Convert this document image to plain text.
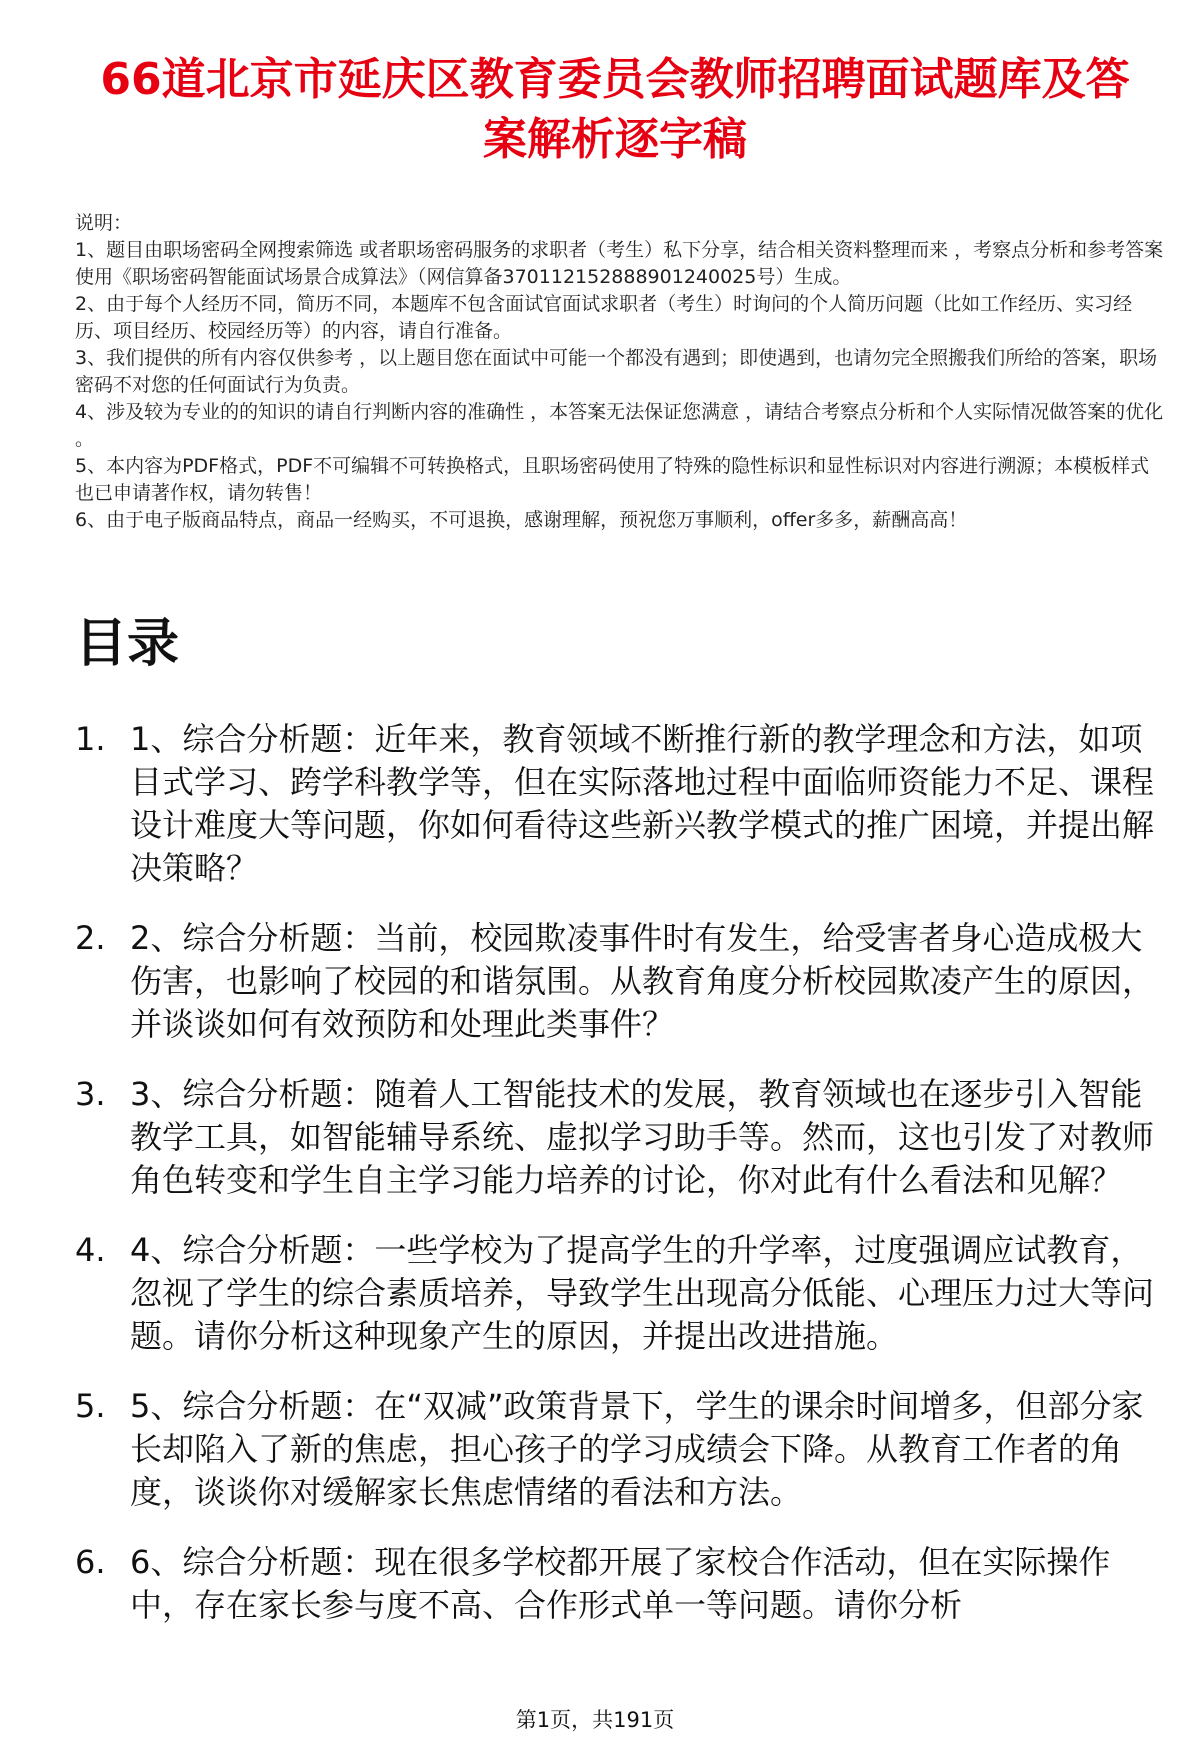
66道北京市延庆区教育委员会教师招聘面试题库及答案解析逐字稿

说明：

1、题目由职场密码全网搜索筛选 或者职场密码服务的求职者（考生）私下分享，结合相关资料整理而来 ，考察点分析和参考答案使用《职场密码智能面试场景合成算法》（网信算备370112152888901240025号）生成。

2、由于每个人经历不同，简历不同，本题库不包含面试官面试求职者（考生）时询问的个人简历问题（比如工作经历、实习经历、项目经历、校园经历等）的内容，请自行准备。

3、我们提供的所有内容仅供参考 ，以上题目您在面试中可能一个都没有遇到；即使遇到，也请勿完全照搬我们所给的答案，职场密码不对您的任何面试行为负责。

4、涉及较为专业的的知识的请自行判断内容的准确性 ，本答案无法保证您满意 ，请结合考察点分析和个人实际情况做答案的优化 。

5、本内容为PDF格式，PDF不可编辑不可转换格式，且职场密码使用了特殊的隐性标识和显性标识对内容进行溯源；本模板样式也已申请著作权，请勿转售！

6、由于电子版商品特点，商品一经购买，不可退换，感谢理解，预祝您万事顺利，offer多多，薪酬高高！

目录
1. 1、综合分析题：近年来，教育领域不断推行新的教学理念和方法，如项目式学习、跨学科教学等，但在实际落地过程中面临师资能力不足、课程设计难度大等问题，你如何看待这些新兴教学模式的推广困境，并提出解决策略？
2. 2、综合分析题：当前，校园欺凌事件时有发生，给受害者身心造成极大伤害，也影响了校园的和谐氛围。从教育角度分析校园欺凌产生的原因，并谈谈如何有效预防和处理此类事件？
3. 3、综合分析题：随着人工智能技术的发展，教育领域也在逐步引入智能教学工具，如智能辅导系统、虚拟学习助手等。然而，这也引发了对教师角色转变和学生自主学习能力培养的讨论，你对此有什么看法和见解？
4. 4、综合分析题：一些学校为了提高学生的升学率，过度强调应试教育，忽视了学生的综合素质培养，导致学生出现高分低能、心理压力过大等问题。请你分析这种现象产生的原因，并提出改进措施。
5. 5、综合分析题：在“双减”政策背景下，学生的课余时间增多，但部分家长却陷入了新的焦虑，担心孩子的学习成绩会下降。从教育工作者的角度，谈谈你对缓解家长焦虑情绪的看法和方法。
6. 6、综合分析题：现在很多学校都开展了家校合作活动，但在实际操作中，存在家长参与度不高、合作形式单一等问题。请你分析
第1页，共191页
